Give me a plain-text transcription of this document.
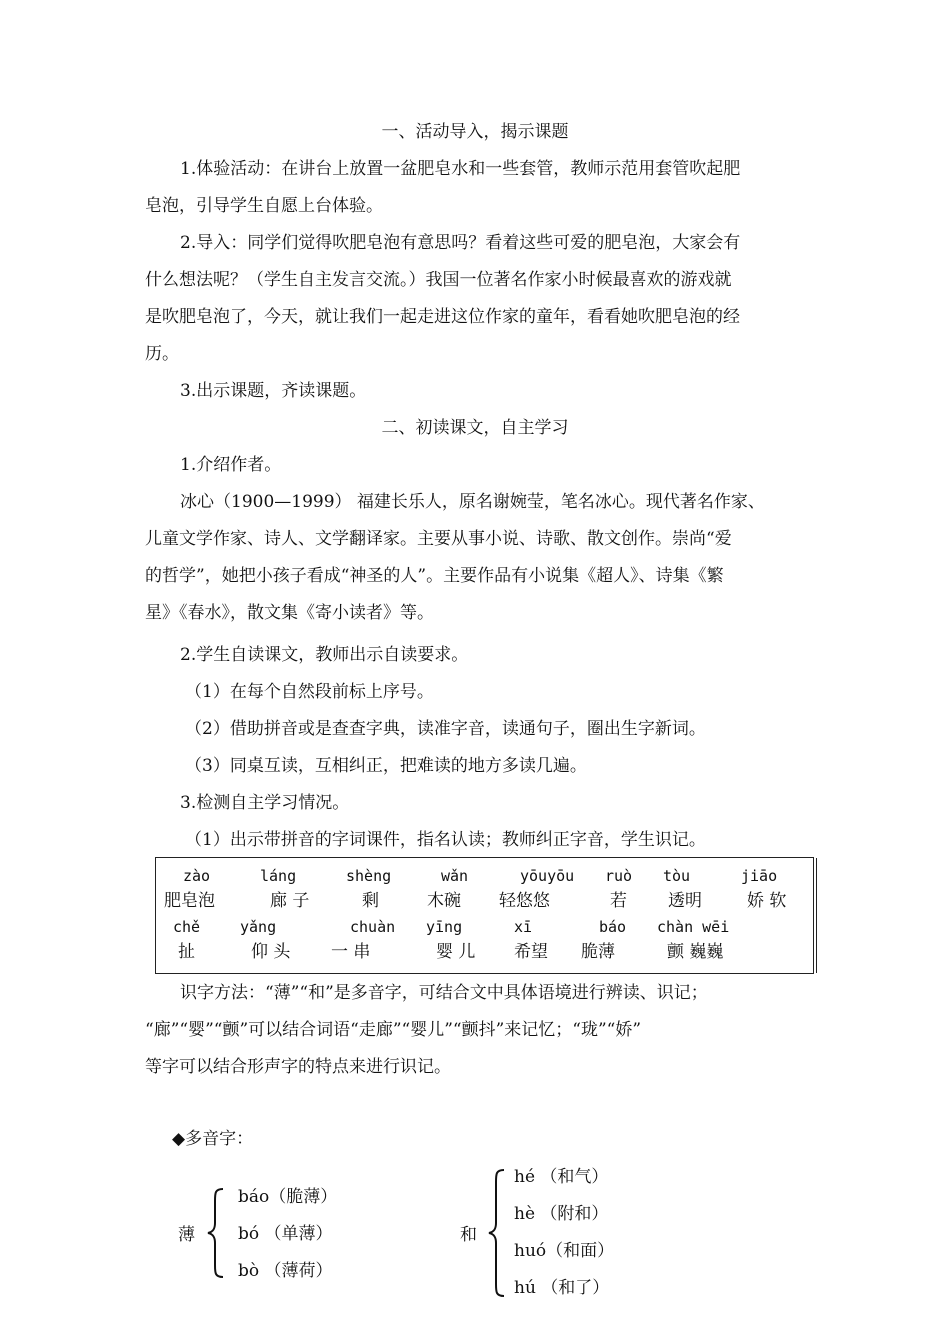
一、活动导入，揭示课题
1.体验活动：在讲台上放置一盆肥皂水和一些套管，教师示范用套管吹起肥
皂泡，引导学生自愿上台体验。
2.导入：同学们觉得吹肥皂泡有意思吗？看着这些可爱的肥皂泡，大家会有
什么想法呢？（学生自主发言交流。）我国一位著名作家小时候最喜欢的游戏就
是吹肥皂泡了，今天，就让我们一起走进这位作家的童年，看看她吹肥皂泡的经
历。
3.出示课题，齐读课题。
二、初读课文，自主学习
1.介绍作者。
冰心（1900—1999） 福建长乐人，原名谢婉莹，笔名冰心。现代著名作家、
儿童文学作家、诗人、文学翻译家。主要从事小说、诗歌、散文创作。崇尚“爱
的哲学”，她把小孩子看成“神圣的人”。主要作品有小说集《超人》、诗集《繁
星》《春水》，散文集《寄小读者》等。
2.学生自读课文，教师出示自读要求。
（1）在每个自然段前标上序号。
（2）借助拼音或是查查字典，读准字音，读通句子，圈出生字新词。
（3）同桌互读，互相纠正，把难读的地方多读几遍。
3.检测自主学习情况。
（1）出示带拼音的字词课件，指名认读；教师纠正字音，学生识记。
zào
肥皂泡
láng
廊 子
shèng
剩
wǎn
木碗
yōuyōu
轻悠悠
ruò
若
tòu
透明
jiāo
娇 软
chě
扯
yǎng
仰 头
chuàn
一 串
yīng
婴 儿
xī
希望
báo
脆薄
chàn wēi
颤 巍巍
识字方法：“薄”“和”是多音字，可结合文中具体语境进行辨读、识记；
“廊”“婴”“颤”可以结合词语“走廊”“婴儿”“颤抖”来记忆；“珑”“娇”
等字可以结合形声字的特点来进行识记。
◆多音字：
薄
báo（脆薄）
bó （单薄）
bò （薄荷）
和
hé （和气）
hè （附和）
huó（和面）
hú （和了）
